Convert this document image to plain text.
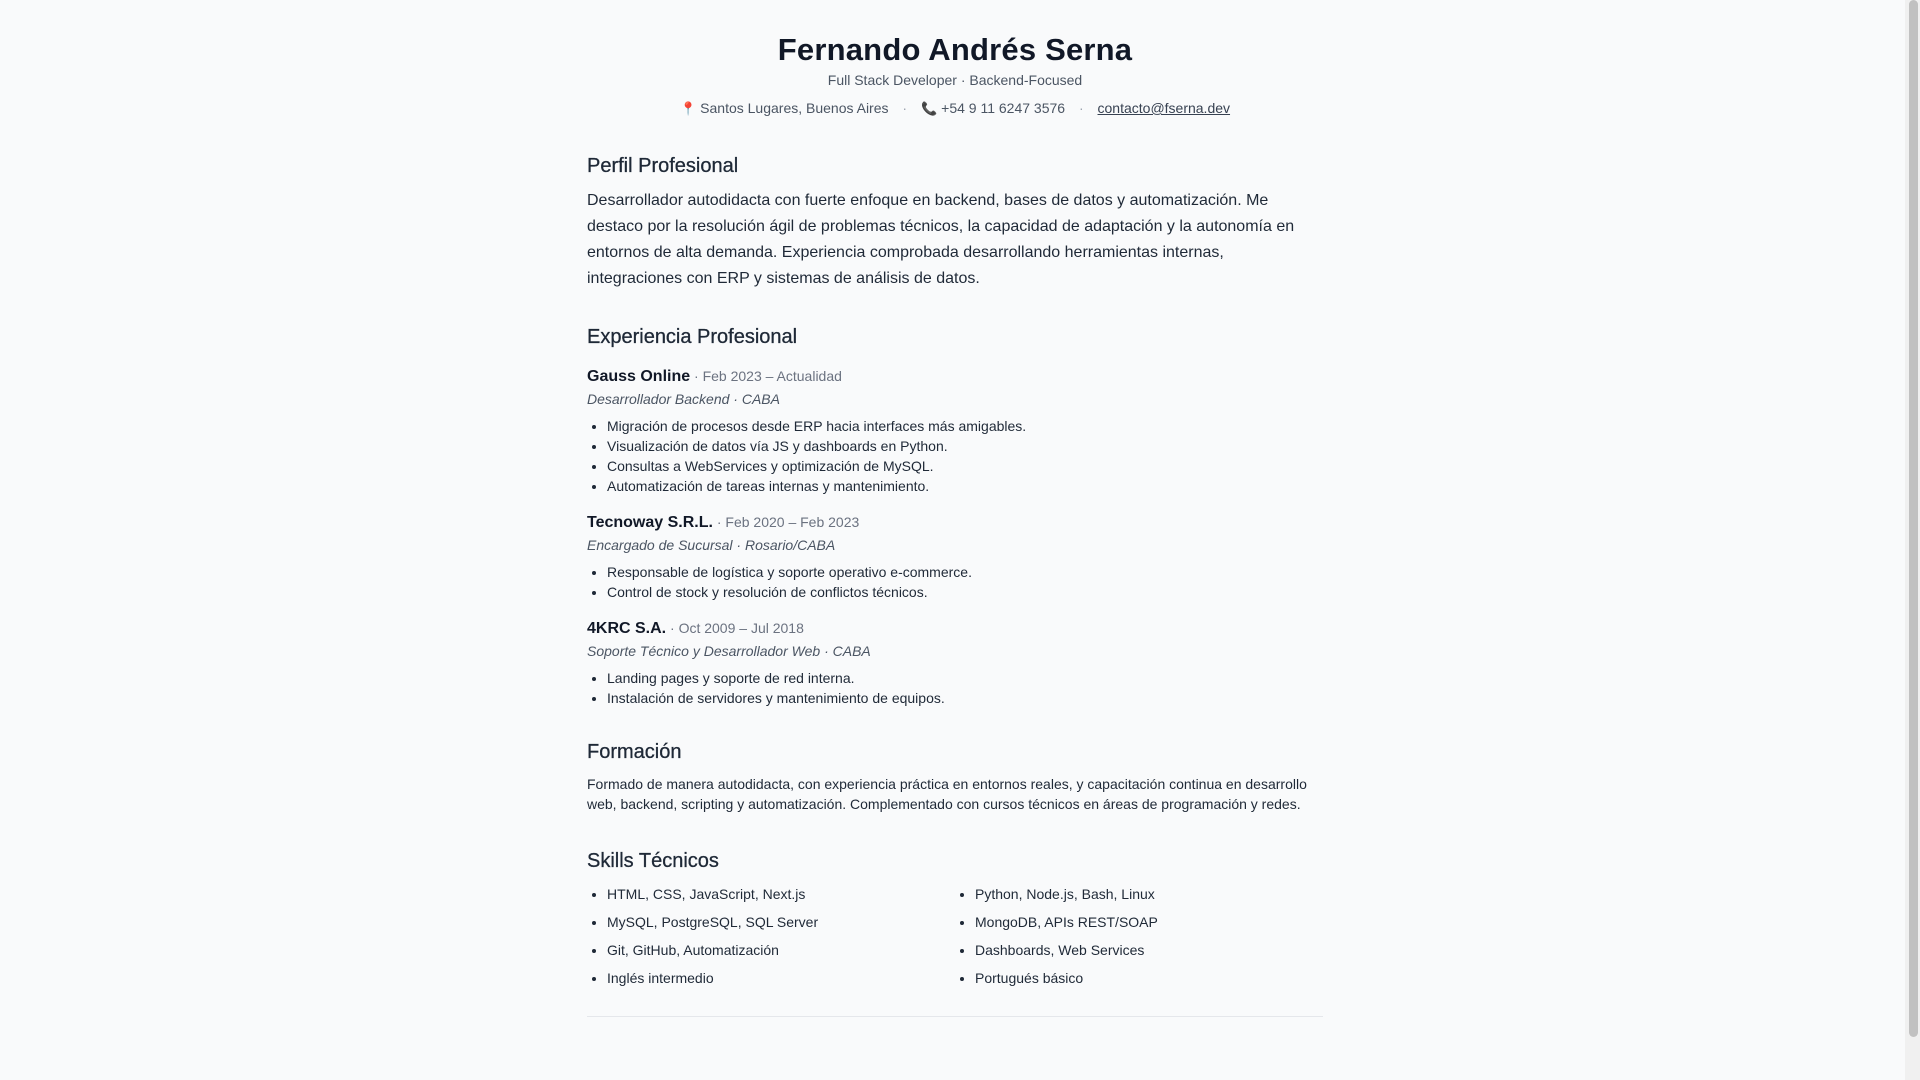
Fernando Andrés Serna
Full Stack Developer · Backend-Focused
📍 Santos Lugares, Buenos Aires · 📞 +54 9 11 6247 3576 · contacto@fserna.dev
Perfil Profesional

Desarrollador autodidacta con fuerte enfoque en backend, bases de datos y automatización. Me destaco por la resolución ágil de problemas técnicos, la capacidad de adaptación y la autonomía en entornos de alta demanda. Experiencia comprobada desarrollando herramientas internas, integraciones con ERP y sistemas de análisis de datos.

Experiencia Profesional
Gauss Online · Feb 2023 – Actualidad
Desarrollador Backend · CABA
• Migración de procesos desde ERP hacia interfaces más amigables.
• Visualización de datos vía JS y dashboards en Python.
• Consultas a WebServices y optimización de MySQL.
• Automatización de tareas internas y mantenimiento.
Tecnoway S.R.L. · Feb 2020 – Feb 2023
Encargado de Sucursal · Rosario/CABA
• Responsable de logística y soporte operativo e-commerce.
• Control de stock y resolución de conflictos técnicos.
4KRC S.A. · Oct 2009 – Jul 2018
Soporte Técnico y Desarrollador Web · CABA
• Landing pages y soporte de red interna.
• Instalación de servidores y mantenimiento de equipos.
Formación

Formado de manera autodidacta, con experiencia práctica en entornos reales, y capacitación continua en desarrollo web, backend, scripting y automatización. Complementado con cursos técnicos en áreas de programación y redes.

Skills Técnicos
• HTML, CSS, JavaScript, Next.js
• MySQL, PostgreSQL, SQL Server
• Git, GitHub, Automatización
• Inglés intermedio
• Python, Node.js, Bash, Linux
• MongoDB, APIs REST/SOAP
• Dashboards, Web Services
• Portugués básico
